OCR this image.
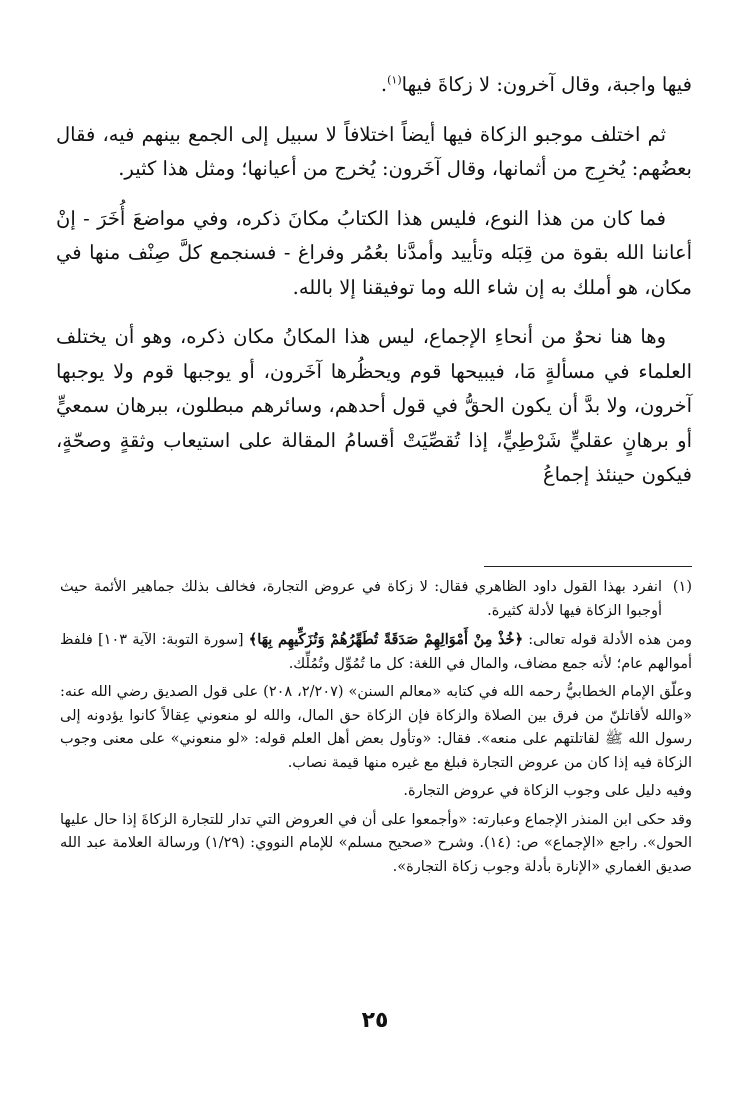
فيها واجبة، وقال آخرون: لا زكاةَ فيها$^{(١)}$.

ثم اختلف موجبو الزكاة فيها أيضاً اختلافاً لا سبيل إلى الجمع بينهم فيه، فقال بعضُهم: يُخرِج من أثمانها، وقال آخَرون: يُخرج من أعيانها؛ ومثل هذا كثير.

فما كان من هذا النوع، فليس هذا الكتابُ مكانَ ذكره، وفي مواضعَ أُخَرَ - إنْ أعاننا الله بقوة من قِبَله وتأييد وأمدَّنا بعُمُر وفراغ - فسنجمع كلَّ صِنْف منها في مكان، هو أملك به إن شاء الله وما توفيقنا إلا بالله.

وها هنا نحوٌ من أنحاءِ الإجماع، ليس هذا المكانُ مكان ذكره، وهو أن يختلف العلماء في مسألةٍ مَا، فيبيحها قوم ويحظُرها آخَرون، أو يوجبها قوم ولا يوجبها آخرون، ولا بدَّ أن يكون الحقُّ في قول أحدهم، وسائرهم مبطلون، ببرهان سمعيٍّ أو برهانٍ عقليٍّ شَرْطِيٍّ، إذا تُقصِّيَتْ أقسامُ المقالة على استيعاب وثقةٍ وصحّةٍ، فيكون حينئذ إجماعُ

(١)
انفرد بهذا القول داود الظاهري فقال: لا زكاة في عروض التجارة، فخالف بذلك جماهير الأئمة حيث أوجبوا الزكاة فيها لأدلة كثيرة.

ومن هذه الأدلة قوله تعالى: ﴿خُذْ مِنْ أَمْوَالِهِمْ صَدَقَةً تُطَهِّرُهُمْ وَتُزَكِّيهِم بِهَا﴾ [سورة التوبة: الآية ١٠٣] فلفظ أموالهم عام؛ لأنه جمع مضاف، والمال في اللغة: كل ما تُمُوِّل وتُمُلِّك.

وعلّق الإمام الخطابيُّ رحمه الله في كتابه «معالم السنن» (٢/٢٠٧، ٢٠٨) على قول الصديق رضي الله عنه: «والله لأقاتلنّ من فرق بين الصلاة والزكاة فإن الزكاة حق المال، والله لو منعوني عِقالاً كانوا يؤدونه إلى رسول الله ﷺ لقاتلتهم على منعه». فقال: «وتأول بعض أهل العلم قوله: «لو منعوني» على معنى وجوب الزكاة فيه إذا كان من عروض التجارة فبلغ مع غيره منها قيمة نصاب.

وفيه دليل على وجوب الزكاة في عروض التجارة.

وقد حكى ابن المنذر الإجماع وعبارته: «وأجمعوا على أن في العروض التي تدار للتجارة الزكاةَ إذا حال عليها الحول». راجع «الإجماع» ص: (١٤). وشرح «صحيح مسلم» للإمام النووي: (١/٢٩) ورسالة العلامة عبد الله صديق الغماري «الإنارة بأدلة وجوب زكاة التجارة».

٢٥
